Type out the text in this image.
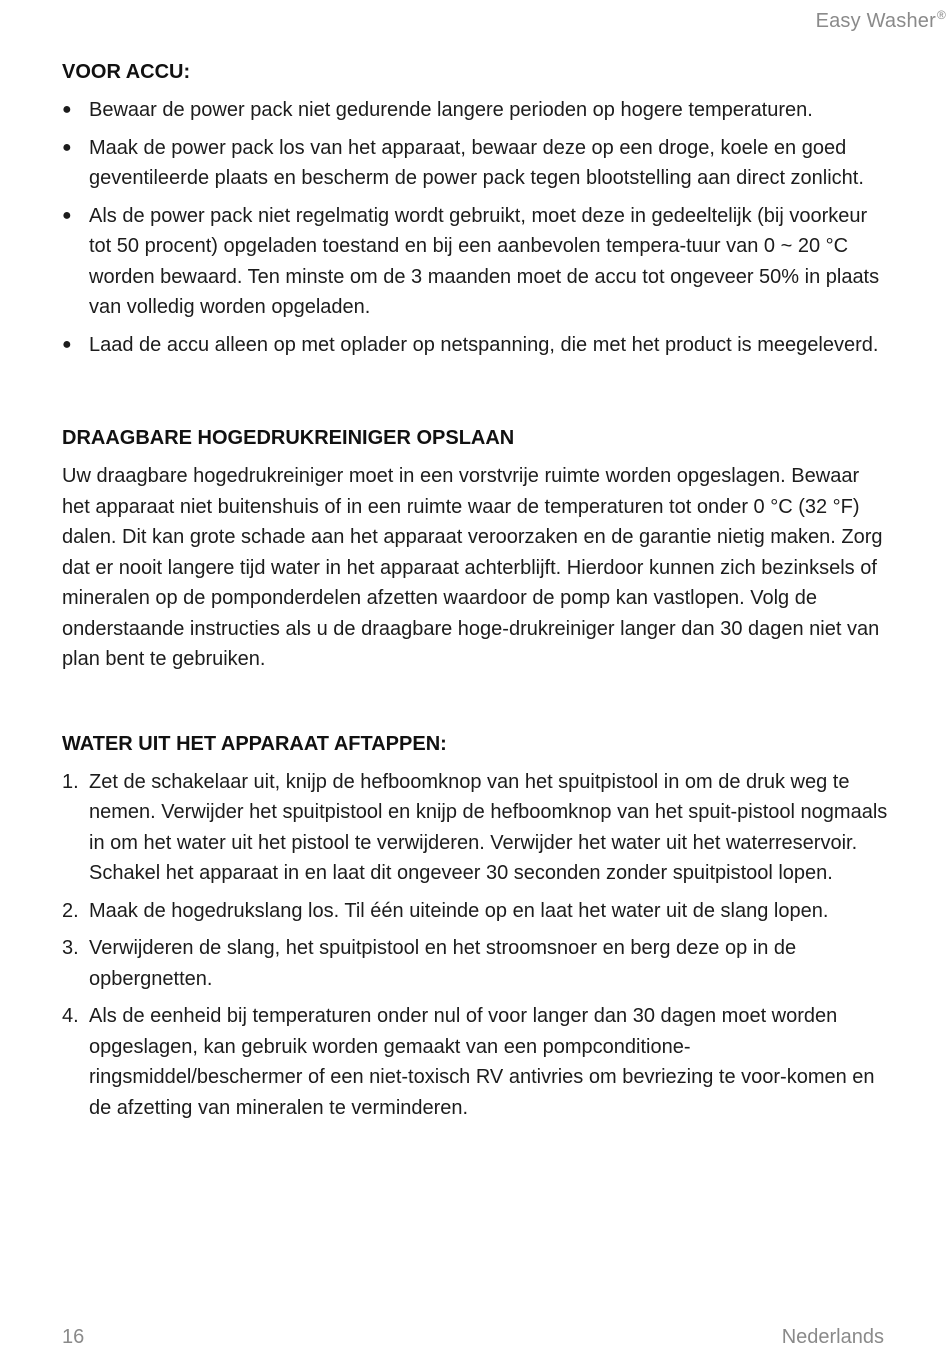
Easy Washer®
VOOR ACCU:
● Bewaar de power pack niet gedurende langere perioden op hogere temperaturen.
● Maak de power pack los van het apparaat, bewaar deze op een droge, koele en goed geventileerde plaats en bescherm de power pack tegen blootstelling aan direct zonlicht.
● Als de power pack niet regelmatig wordt gebruikt, moet deze in gedeeltelijk (bij voorkeur tot 50 procent) opgeladen toestand en bij een aanbevolen tempera-tuur van 0 ~ 20 °C worden bewaard. Ten minste om de 3 maanden moet de accu tot ongeveer 50% in plaats van volledig worden opgeladen.
● Laad de accu alleen op met oplader op netspanning, die met het product is meegeleverd.
DRAAGBARE HOGEDRUKREINIGER OPSLAAN

Uw draagbare hogedrukreiniger moet in een vorstvrije ruimte worden opgeslagen. Bewaar het apparaat niet buitenshuis of in een ruimte waar de temperaturen tot onder 0 °C (32 °F) dalen. Dit kan grote schade aan het apparaat veroorzaken en de garantie nietig maken. Zorg dat er nooit langere tijd water in het apparaat achterblijft. Hierdoor kunnen zich bezinksels of mineralen op de pomponderdelen afzetten waardoor de pomp kan vastlopen. Volg de onderstaande instructies als u de draagbare hoge-drukreiniger langer dan 30 dagen niet van plan bent te gebruiken.

WATER UIT HET APPARAAT AFTAPPEN:
1. Zet de schakelaar uit, knijp de hefboomknop van het spuitpistool in om de druk weg te nemen. Verwijder het spuitpistool en knijp de hefboomknop van het spuit-pistool nogmaals in om het water uit het pistool te verwijderen. Verwijder het water uit het waterreservoir. Schakel het apparaat in en laat dit ongeveer 30 seconden zonder spuitpistool lopen.
2. Maak de hogedrukslang los. Til één uiteinde op en laat het water uit de slang lopen.
3. Verwijderen de slang, het spuitpistool en het stroomsnoer en berg deze op in de opbergnetten.
4. Als de eenheid bij temperaturen onder nul of voor langer dan 30 dagen moet worden opgeslagen, kan gebruik worden gemaakt van een pompconditione-ringsmiddel/beschermer of een niet-toxisch RV antivries om bevriezing te voor-komen en de afzetting van mineralen te verminderen.
16	Nederlands
